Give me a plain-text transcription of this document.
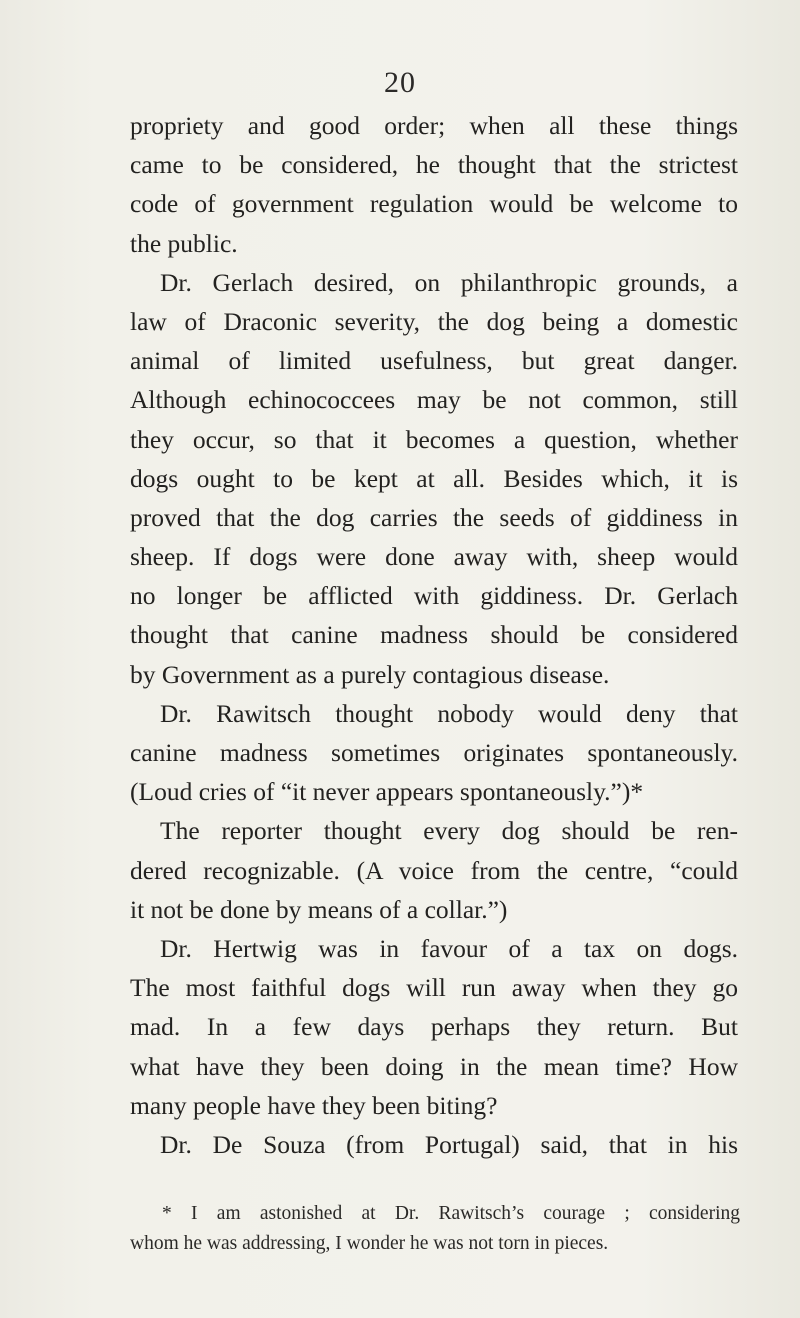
20
propriety and good order; when all these things
came to be considered, he thought that the strictest
code of government regulation would be welcome to
the public.
Dr. Gerlach desired, on philanthropic grounds, a
law of Draconic severity, the dog being a domestic
animal of limited usefulness, but great danger.
Although echinococcees may be not common, still
they occur, so that it becomes a question, whether
dogs ought to be kept at all. Besides which, it is
proved that the dog carries the seeds of giddiness in
sheep. If dogs were done away with, sheep would
no longer be afflicted with giddiness. Dr. Gerlach
thought that canine madness should be considered
by Government as a purely contagious disease.
Dr. Rawitsch thought nobody would deny that
canine madness sometimes originates spontaneously.
(Loud cries of “it never appears spontaneously.”)*
The reporter thought every dog should be ren-
dered recognizable. (A voice from the centre, “could
it not be done by means of a collar.”)
Dr. Hertwig was in favour of a tax on dogs.
The most faithful dogs will run away when they go
mad. In a few days perhaps they return. But
what have they been doing in the mean time? How
many people have they been biting?
Dr. De Souza (from Portugal) said, that in his
* I am astonished at Dr. Rawitsch’s courage ; considering
whom he was addressing, I wonder he was not torn in pieces.
